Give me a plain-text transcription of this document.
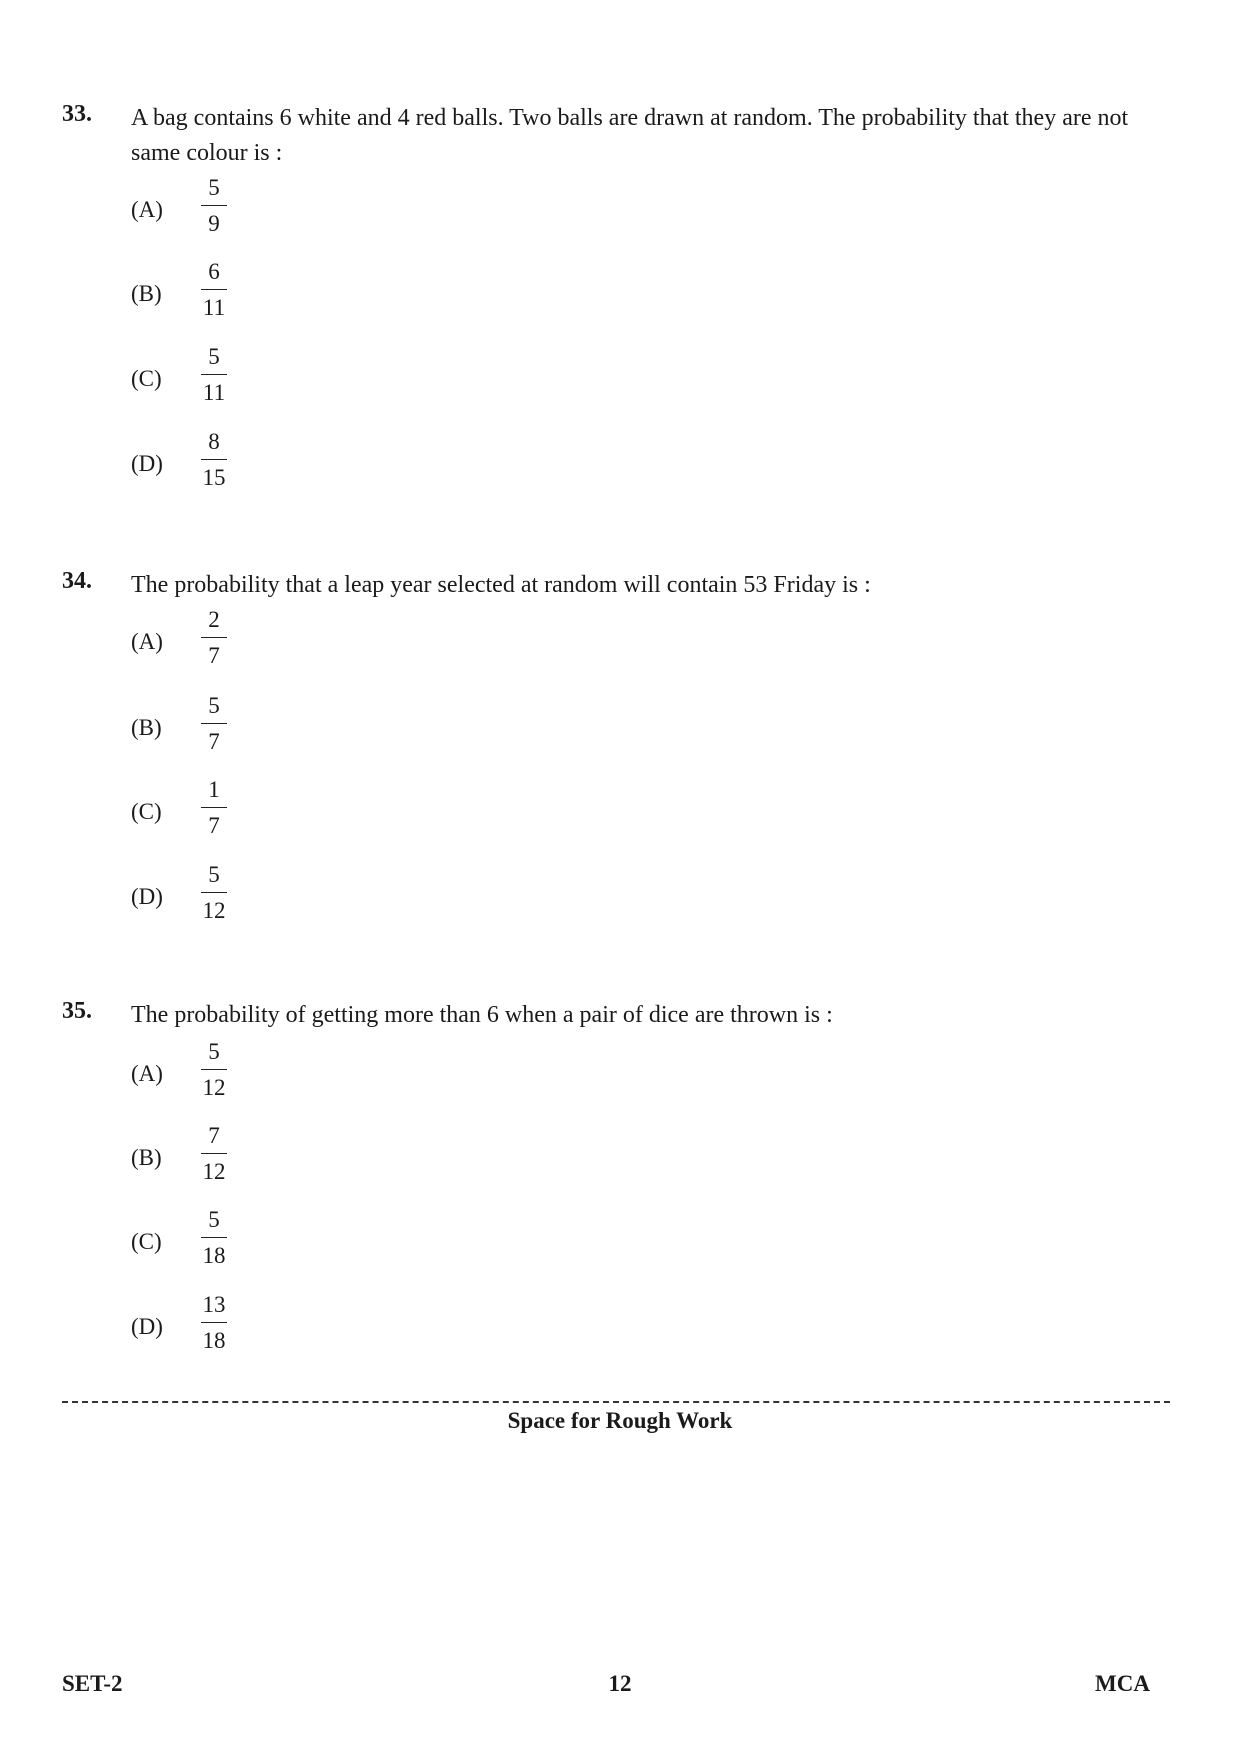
33. A bag contains 6 white and 4 red balls. Two balls are drawn at random. The probability that they are not same colour is :
(A)
5
9
(B)
6
11
(C)
5
11
(D)
8
15
34. The probability that a leap year selected at random will contain 53 Friday is :
(A)
2
7
(B)
5
7
(C)
1
7
(D)
5
12
35. The probability of getting more than 6 when a pair of dice are thrown is :
(A)
5
12
(B)
7
12
(C)
5
18
(D)
13
18
Space for Rough Work
SET-2	12	MCA
